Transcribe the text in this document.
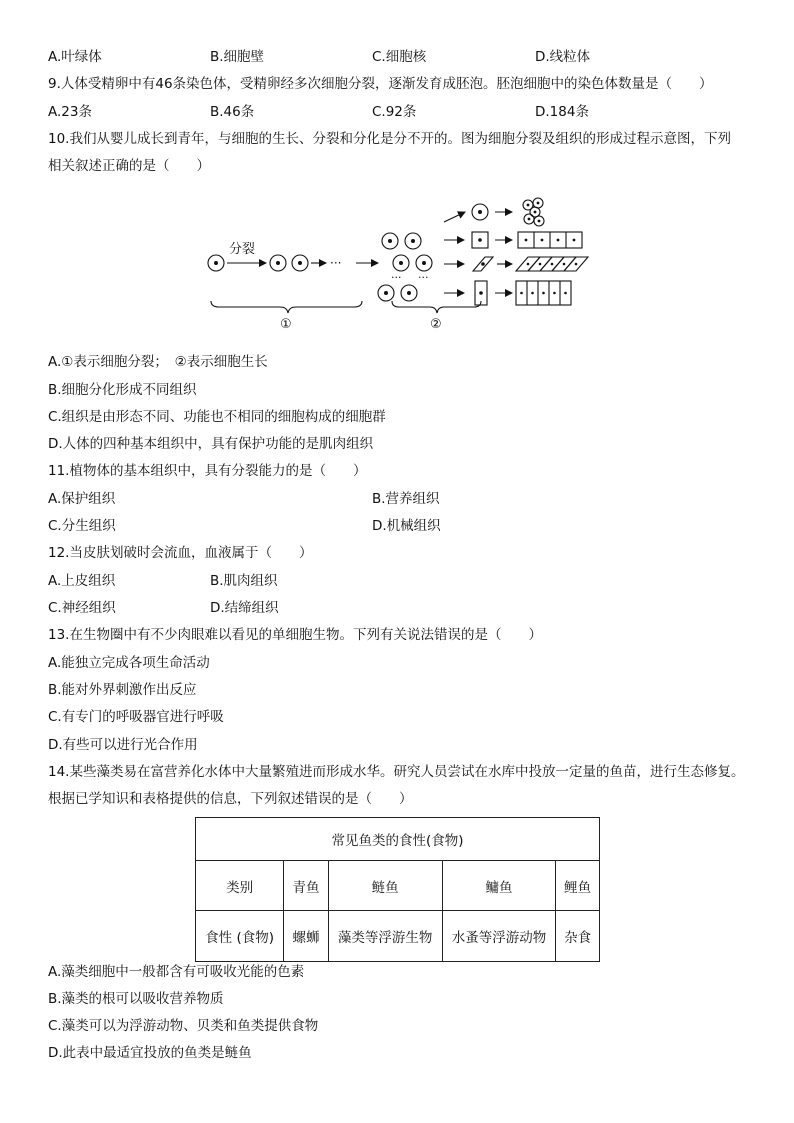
A.叶绿体	B.细胞壁	C.细胞核	D.线粒体
9.人体受精卵中有46条染色体，受精卵经多次细胞分裂，逐渐发育成胚泡。胚泡细胞中的染色体数量是（　　）
A.23条	B.46条	C.92条	D.184条
10.我们从婴儿成长到青年，与细胞的生长、分裂和分化是分不开的。图为细胞分裂及组织的形成过程示意图，下列
相关叙述正确的是（　　）
分裂
···
··· ···
①	②
A.①表示细胞分裂；　②表示细胞生长
B.细胞分化形成不同组织
C.组织是由形态不同、功能也不相同的细胞构成的细胞群
D.人体的四种基本组织中，具有保护功能的是肌肉组织
11.植物体的基本组织中，具有分裂能力的是（　　）
A.保护组织	B.营养组织
C.分生组织	D.机械组织
12.当皮肤划破时会流血，血液属于（　　）
A.上皮组织	B.肌肉组织
C.神经组织	D.结缔组织
13.在生物圈中有不少肉眼难以看见的单细胞生物。下列有关说法错误的是（　　）
A.能独立完成各项生命活动
B.能对外界刺激作出反应
C.有专门的呼吸器官进行呼吸
D.有些可以进行光合作用
14.某些藻类易在富营养化水体中大量繁殖进而形成水华。研究人员尝试在水库中投放一定量的鱼苗，进行生态修复。
根据已学知识和表格提供的信息，下列叙述错误的是（　　）
常见鱼类的食性(食物)				
类别	青鱼	鲢鱼	鳙鱼	鲤鱼
食性 (食物)	螺蛳	藻类等浮游生物	水蚤等浮游动物	杂食
A.藻类细胞中一般都含有可吸收光能的色素
B.藻类的根可以吸收营养物质
C.藻类可以为浮游动物、贝类和鱼类提供食物
D.此表中最适宜投放的鱼类是鲢鱼
